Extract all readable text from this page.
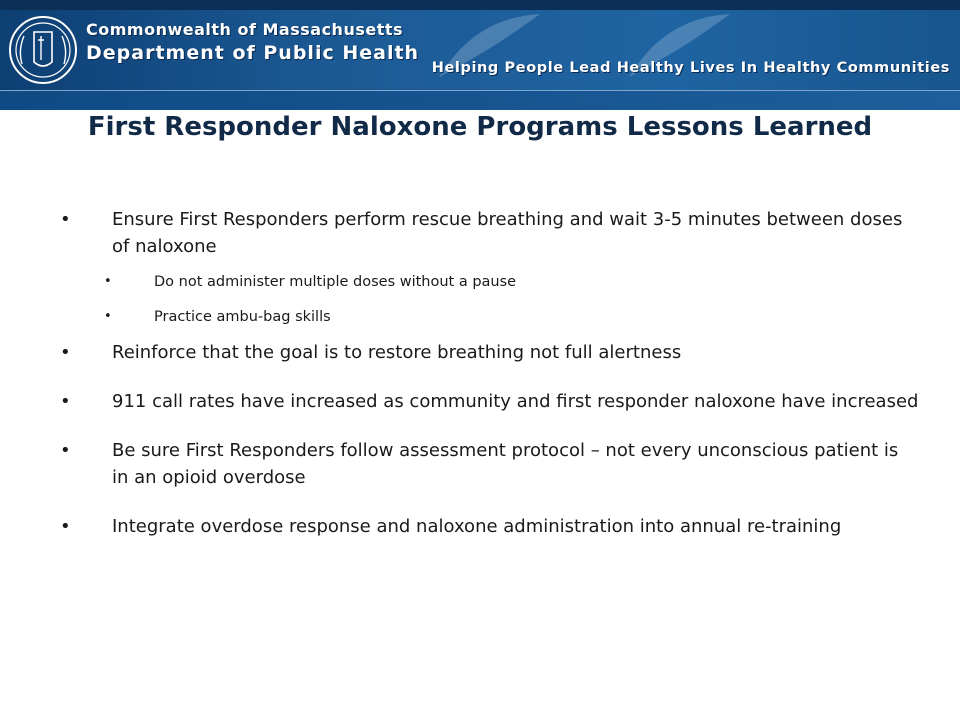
Commonwealth of Massachusetts
Department of Public Health
Helping People Lead Healthy Lives In Healthy Communities
First Responder Naloxone Programs Lessons Learned
• Ensure First Responders perform rescue breathing and wait 3-5 minutes between doses of naloxone
•	Do not administer multiple doses without a pause
•	Practice ambu-bag skills
• Reinforce that the goal is to restore breathing not full alertness
• 911 call rates have increased as community and first responder naloxone have increased
• Be sure First Responders follow assessment protocol – not every unconscious patient is in an opioid overdose
• Integrate overdose response and naloxone administration into annual re-training
